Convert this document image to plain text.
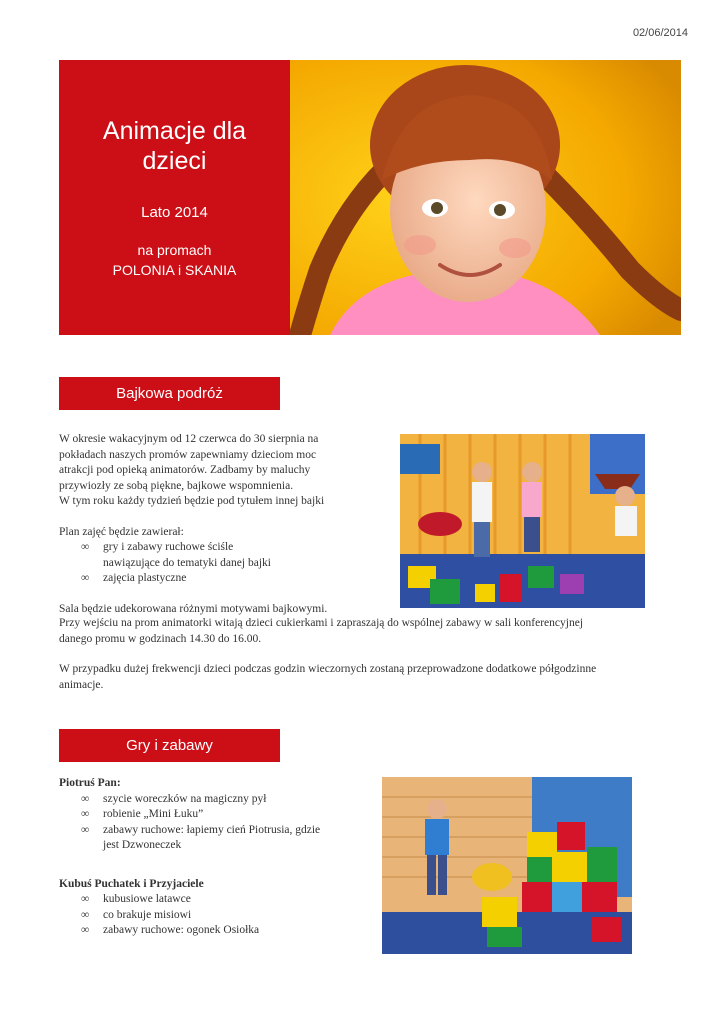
02/06/2014
Animacje dla
dzieci
Lato 2014
na promach
POLONIA i SKANIA
Bajkowa podróż

W okresie wakacyjnym od 12 czerwca do 30 sierpnia na

pokładach naszych promów zapewniamy dzieciom moc

atrakcji pod opieką animatorów. Zadbamy by maluchy

przywiozły ze sobą piękne, bajkowe wspomnienia.

W tym roku każdy tydzień będzie pod tytułem innej bajki

Plan zajęć będzie zawierał:

∞ gry i zabawy ruchowe ściśle

nawiązujące do tematyki danej bajki

∞ zajęcia plastyczne

Sala będzie udekorowana różnymi motywami bajkowymi.

Przy wejściu na prom animatorki witają dzieci cukierkami i zapraszają do wspólnej zabawy w sali konferencyjnej

danego promu w godzinach 14.30 do 16.00.

W przypadku dużej frekwencji dzieci podczas godzin wieczornych zostaną przeprowadzone dodatkowe półgodzinne

animacje.

Gry i zabawy

Piotruś Pan:

∞ szycie woreczków na magiczny pył

∞ robienie „Mini Łuku”

∞ zabawy ruchowe: łapiemy cień Piotrusia, gdzie

jest Dzwoneczek

Kubuś Puchatek i Przyjaciele

∞ kubusiowe latawce

∞ co brakuje misiowi

∞ zabawy ruchowe: ogonek Osiołka
